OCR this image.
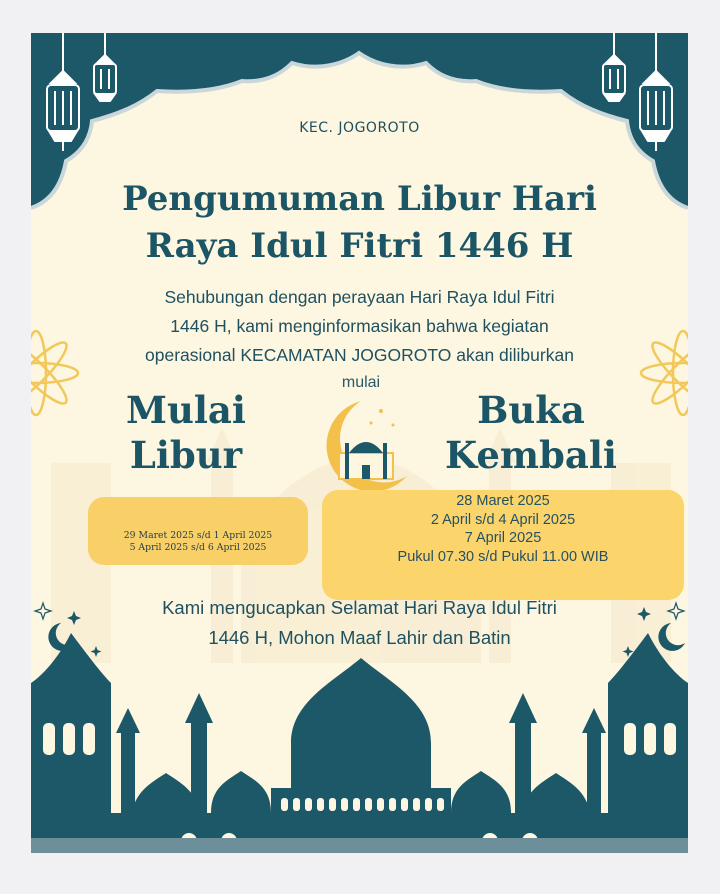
KEC. JOGOROTO
Pengumuman Libur Hari
Raya Idul Fitri 1446 H
Sehubungan dengan perayaan Hari Raya Idul Fitri
1446 H, kami menginformasikan bahwa kegiatan
operasional KECAMATAN JOGOROTO akan diliburkan
mulai
Mulai
Libur
Buka
Kembali
29 Maret 2025 s/d 1 April 2025
5 April 2025 s/d 6 April 2025
28 Maret 2025
2 April s/d 4 April 2025
7 April 2025
Pukul 07.30 s/d Pukul 11.00 WIB
Kami mengucapkan Selamat Hari Raya Idul Fitri
1446 H, Mohon Maaf Lahir dan Batin
